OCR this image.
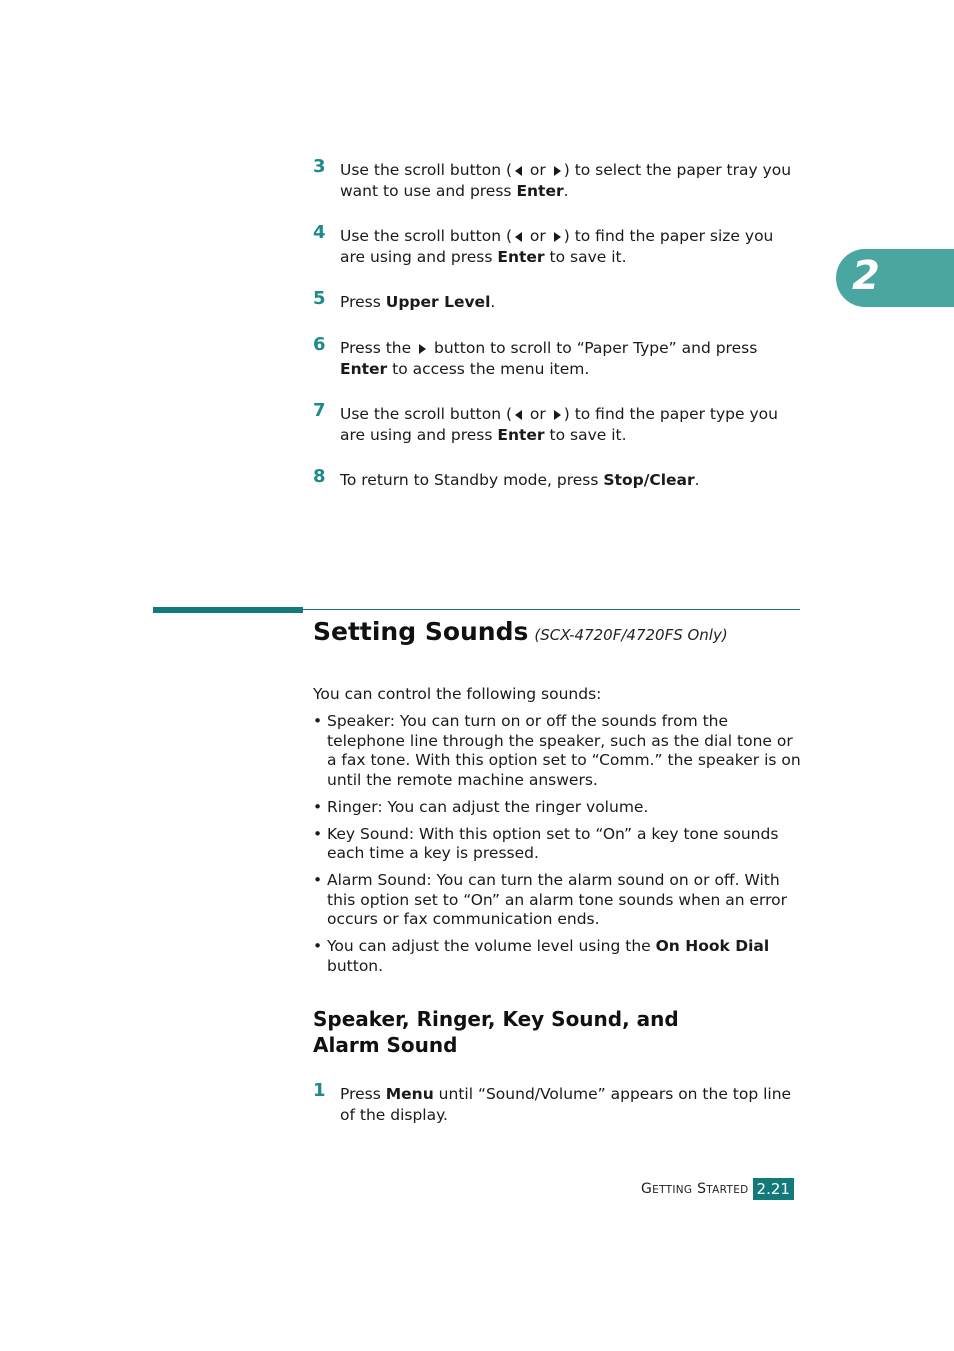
2
3 Use the scroll button ( or ) to select the paper tray you want to use and press Enter.
4 Use the scroll button ( or ) to find the paper size you are using and press Enter to save it.
5 Press Upper Level.
6 Press the  button to scroll to “Paper Type” and press Enter to access the menu item.
7 Use the scroll button ( or ) to find the paper type you are using and press Enter to save it.
8 To return to Standby mode, press Stop/Clear.
Setting Sounds (SCX-4720F/4720FS Only)
You can control the following sounds:
• Speaker: You can turn on or off the sounds from the telephone line through the speaker, such as the dial tone or a fax tone. With this option set to “Comm.” the speaker is on until the remote machine answers.
• Ringer: You can adjust the ringer volume.
• Key Sound: With this option set to “On” a key tone sounds each time a key is pressed.
• Alarm Sound: You can turn the alarm sound on or off. With this option set to “On” an alarm tone sounds when an error occurs or fax communication ends.
• You can adjust the volume level using the On Hook Dial button.
Speaker, Ringer, Key Sound, and
Alarm Sound
1 Press Menu until “Sound/Volume” appears on the top line of the display.
GETTING STARTED 2.21
